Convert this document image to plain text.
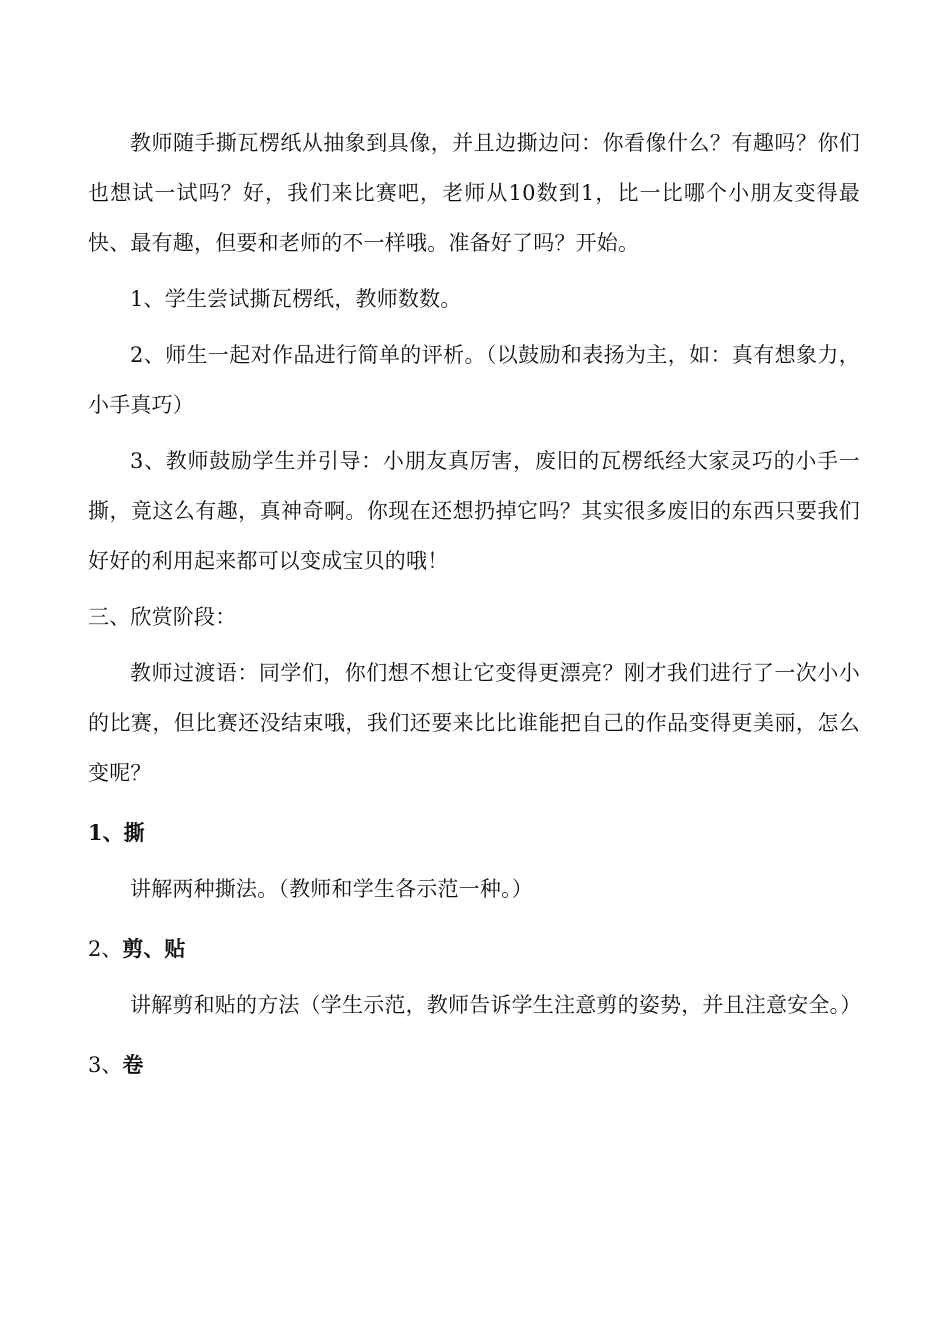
教师随手撕瓦楞纸从抽象到具像，并且边撕边问：你看像什么？有趣吗？你们也想试一试吗？好，我们来比赛吧，老师从10数到1，比一比哪个小朋友变得最快、最有趣，但要和老师的不一样哦。准备好了吗？开始。

1、学生尝试撕瓦楞纸，教师数数。

2、师生一起对作品进行简单的评析。（以鼓励和表扬为主，如：真有想象力，小手真巧）

3、教师鼓励学生并引导：小朋友真厉害，废旧的瓦楞纸经大家灵巧的小手一撕，竟这么有趣，真神奇啊。你现在还想扔掉它吗？其实很多废旧的东西只要我们好好的利用起来都可以变成宝贝的哦！

三、欣赏阶段：

教师过渡语：同学们，你们想不想让它变得更漂亮？刚才我们进行了一次小小的比赛，但比赛还没结束哦，我们还要来比比谁能把自己的作品变得更美丽，怎么变呢？

1、撕

讲解两种撕法。（教师和学生各示范一种。）

2、剪、贴

讲解剪和贴的方法（学生示范，教师告诉学生注意剪的姿势，并且注意安全。）

3、卷
